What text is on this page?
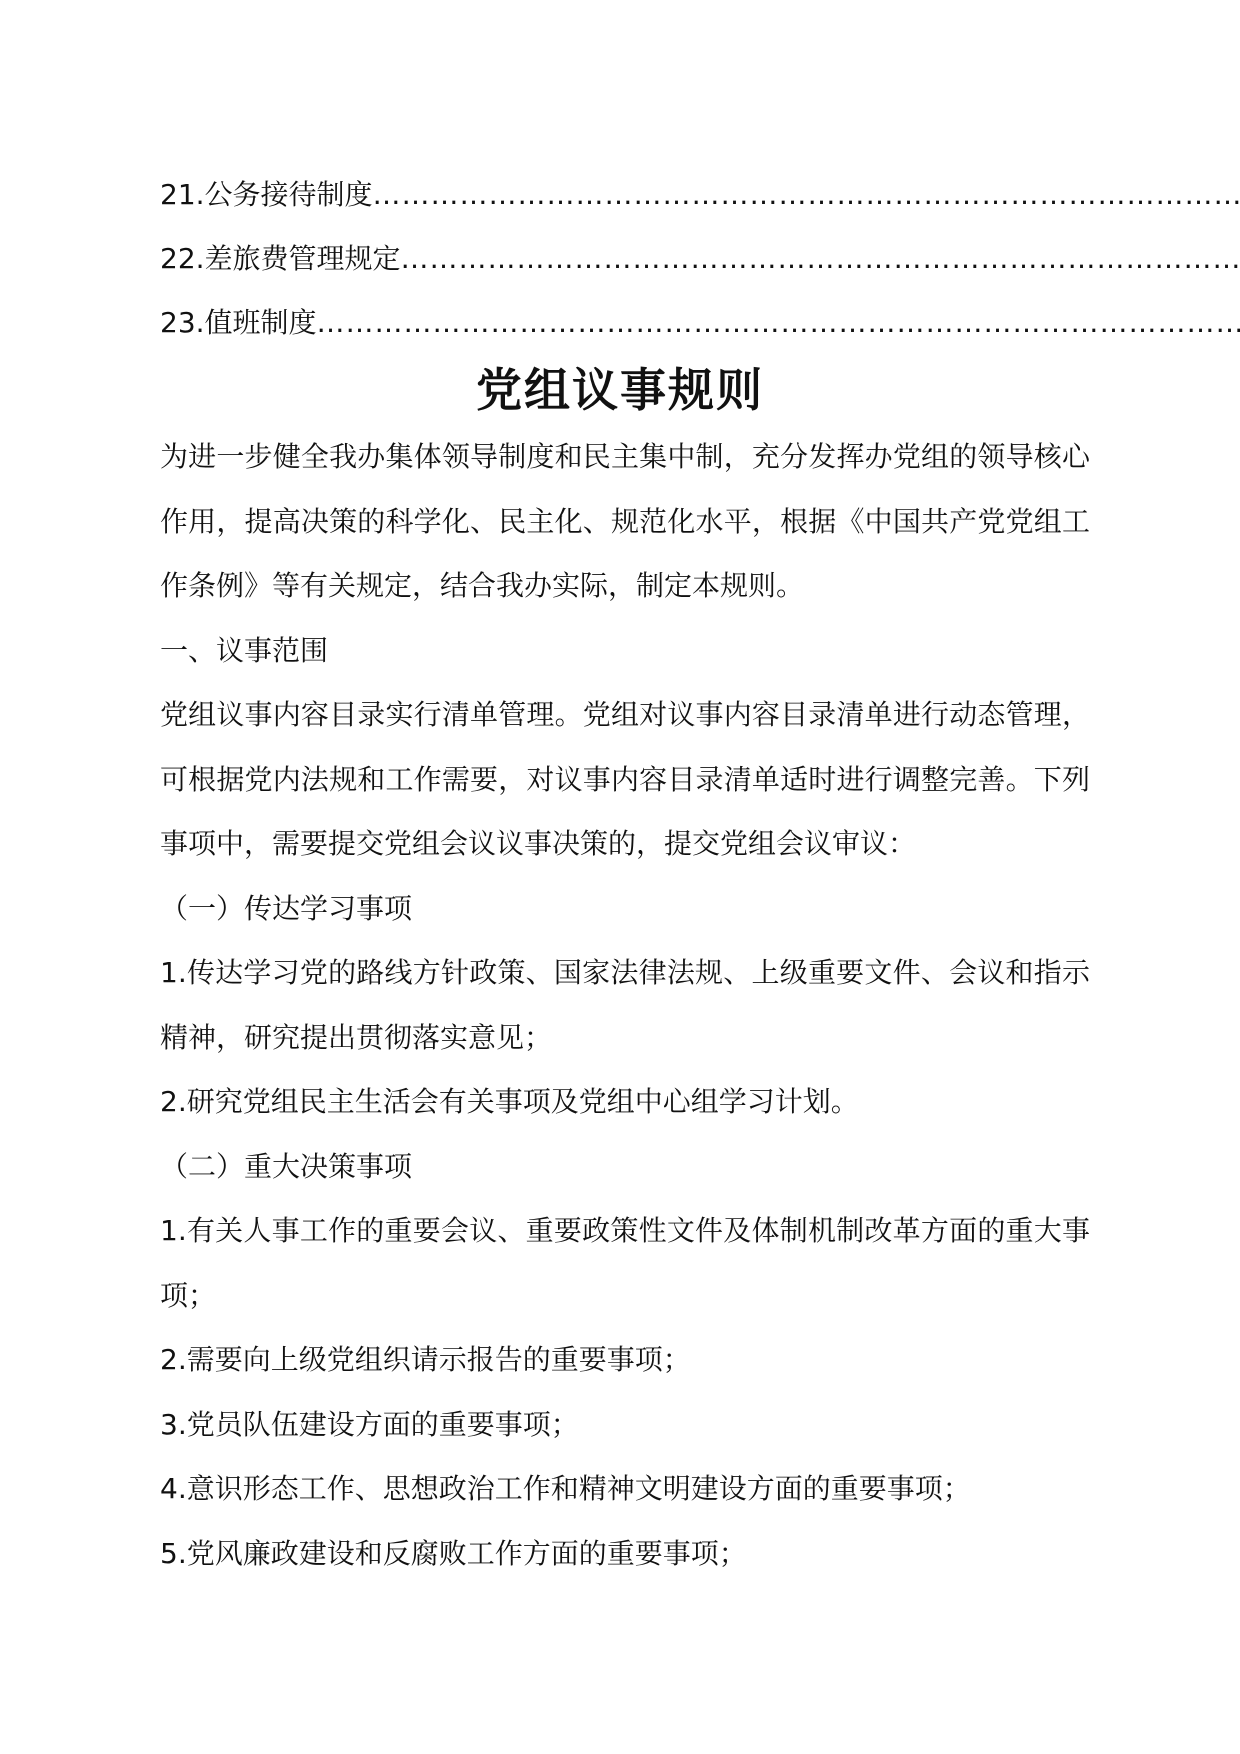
21. 公务接待制度
………………………………………………………………………………………………………………………………………………………………………………………………………………
22. 差旅费管理规定
………………………………………………………………………………………………………………………………………………………………………………………………………………
23. 值班制度
………………………………………………………………………………………………………………………………………………………………………………………………………………
党组议事规则

为进一步健全我办集体领导制度和民主集中制，充分发挥办党组的领导核心作用，提高决策的科学化、民主化、规范化水平，根据《中国共产党党组工作条例》等有关规定，结合我办实际，制定本规则。

一、议事范围

党组议事内容目录实行清单管理。党组对议事内容目录清单进行动态管理，可根据党内法规和工作需要，对议事内容目录清单适时进行调整完善。下列事项中，需要提交党组会议议事决策的，提交党组会议审议：

（一）传达学习事项

1.传达学习党的路线方针政策、国家法律法规、上级重要文件、会议和指示精神，研究提出贯彻落实意见；

2.研究党组民主生活会有关事项及党组中心组学习计划。

（二）重大决策事项

1.有关人事工作的重要会议、重要政策性文件及体制机制改革方面的重大事项；

2.需要向上级党组织请示报告的重要事项；

3.党员队伍建设方面的重要事项；

4.意识形态工作、思想政治工作和精神文明建设方面的重要事项；

5.党风廉政建设和反腐败工作方面的重要事项；
